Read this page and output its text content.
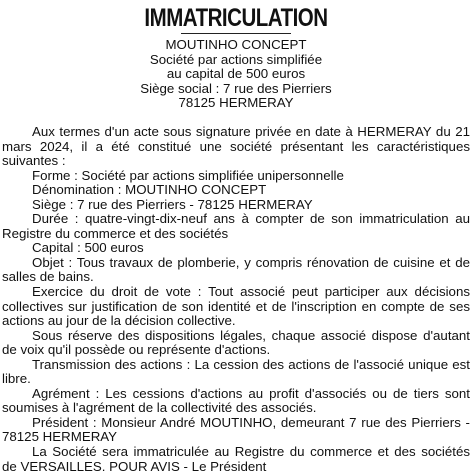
IMMATRICULATION
MOUTINHO CONCEPT
Société par actions simplifiée
au capital de 500 euros
Siège social : 7 rue des Pierriers
78125 HERMERAY

Aux termes d'un acte sous signature privée en date à HERMERAY du 21 mars 2024, il a été constitué une société présentant les caractéristiques suivantes :

Forme : Société par actions simplifiée unipersonnelle

Dénomination : MOUTINHO CONCEPT

Siège : 7 rue des Pierriers - 78125 HERMERAY

Durée : quatre-vingt-dix-neuf ans à compter de son immatriculation au Registre du commerce et des sociétés

Capital : 500 euros

Objet : Tous travaux de plomberie, y compris rénovation de cuisine et de salles de bains.

Exercice du droit de vote : Tout associé peut participer aux décisions collectives sur justification de son identité et de l'inscription en compte de ses actions au jour de la décision collective.

Sous réserve des dispositions légales, chaque associé dispose d'autant de voix qu'il possède ou représente d'actions.

Transmission des actions : La cession des actions de l'associé unique est libre.

Agrément : Les cessions d'actions au profit d'associés ou de tiers sont soumises à l'agrément de la collectivité des associés.

Président : Monsieur André MOUTINHO, demeurant 7 rue des Pierriers - 78125 HERMERAY

La Société sera immatriculée au Registre du commerce et des sociétés de VERSAILLES. POUR AVIS - Le Président
